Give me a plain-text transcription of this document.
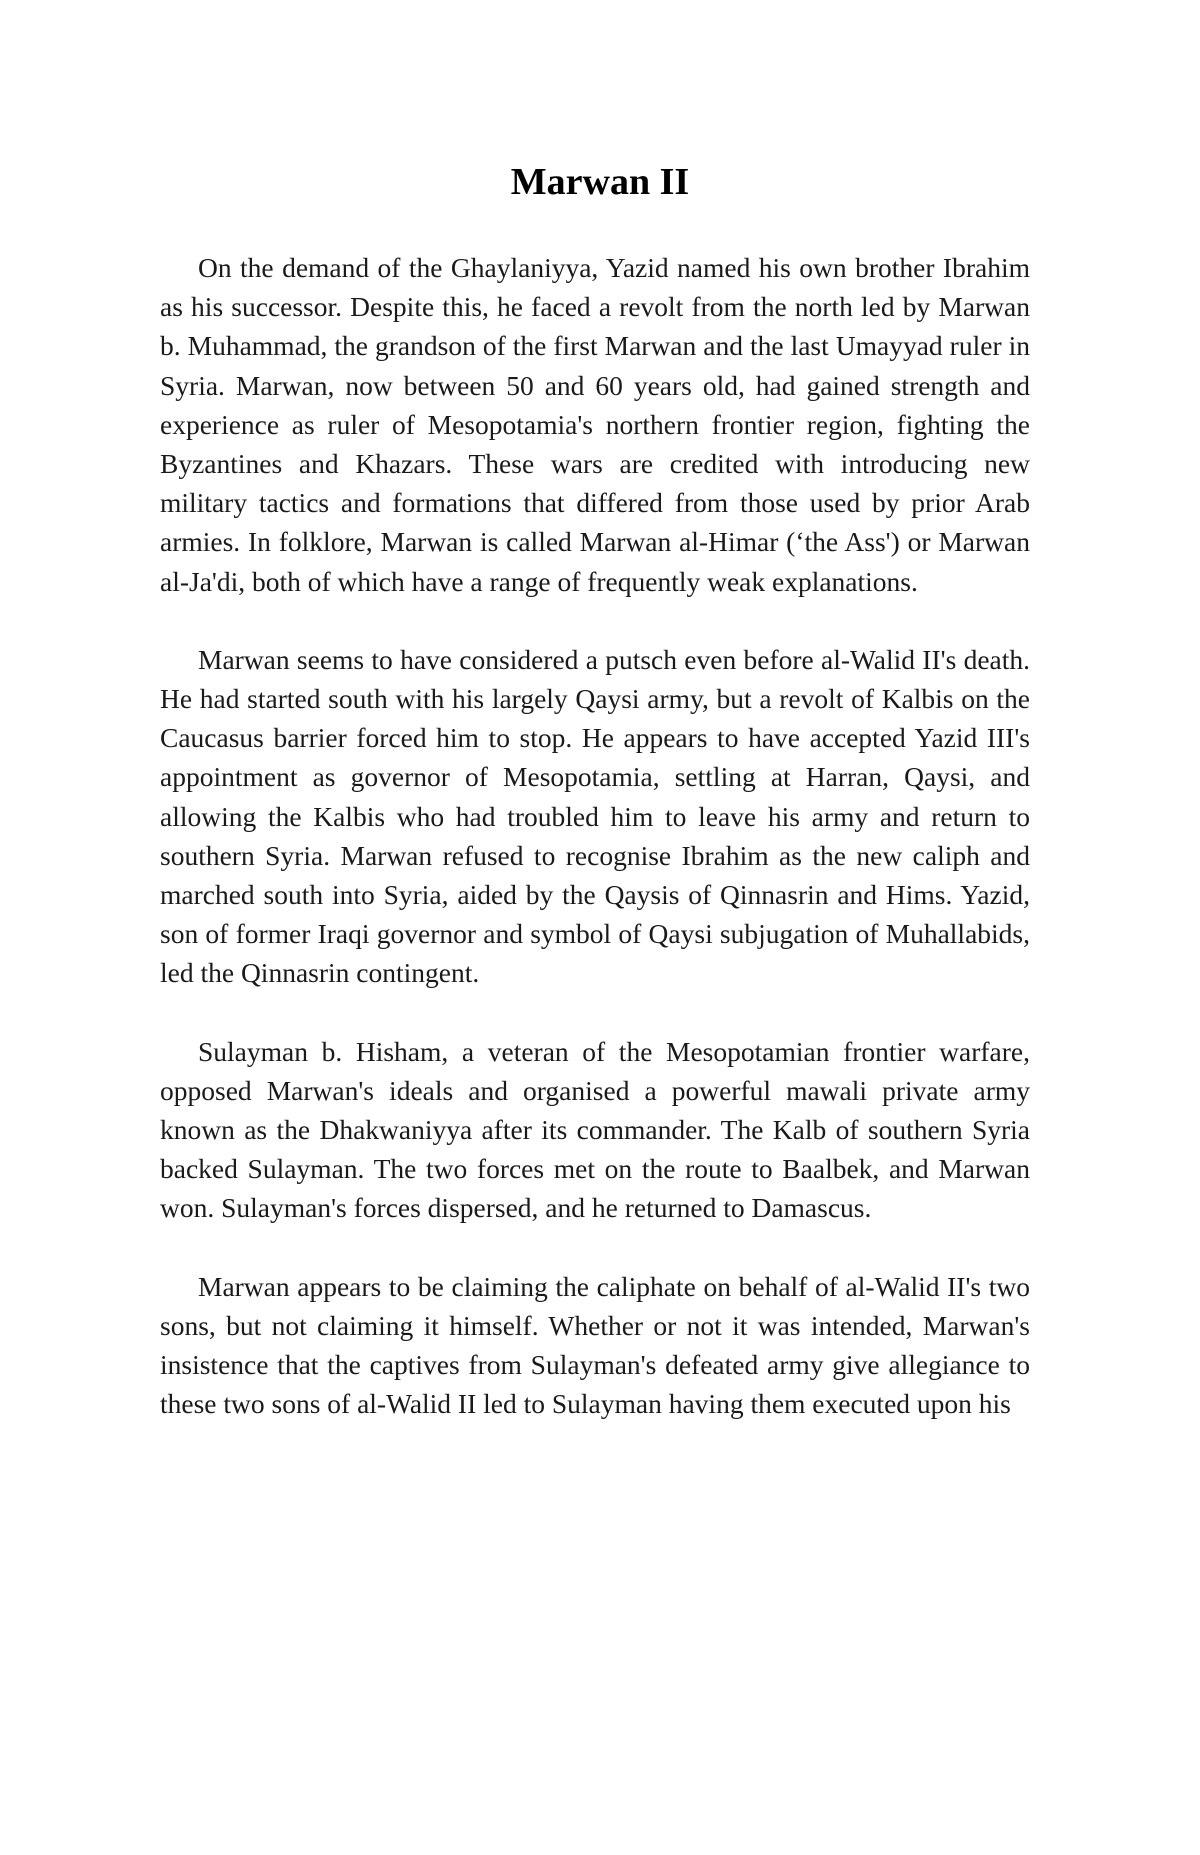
Marwan II

On the demand of the Ghaylaniyya, Yazid named his own brother Ibrahim as his successor. Despite this, he faced a revolt from the north led by Marwan b. Muhammad, the grandson of the first Marwan and the last Umayyad ruler in Syria. Marwan, now between 50 and 60 years old, had gained strength and experience as ruler of Mesopotamia's northern frontier region, fighting the Byzantines and Khazars. These wars are credited with introducing new military tactics and formations that differed from those used by prior Arab armies. In folklore, Marwan is called Marwan al-Himar (‘the Ass') or Marwan al-Ja'di, both of which have a range of frequently weak explanations.

Marwan seems to have considered a putsch even before al-Walid II's death. He had started south with his largely Qaysi army, but a revolt of Kalbis on the Caucasus barrier forced him to stop. He appears to have accepted Yazid III's appointment as governor of Mesopotamia, settling at Harran, Qaysi, and allowing the Kalbis who had troubled him to leave his army and return to southern Syria. Marwan refused to recognise Ibrahim as the new caliph and marched south into Syria, aided by the Qaysis of Qinnasrin and Hims. Yazid, son of former Iraqi governor and symbol of Qaysi subjugation of Muhallabids, led the Qinnasrin contingent.

Sulayman b. Hisham, a veteran of the Mesopotamian frontier warfare, opposed Marwan's ideals and organised a powerful mawali private army known as the Dhakwaniyya after its commander. The Kalb of southern Syria backed Sulayman. The two forces met on the route to Baalbek, and Marwan won. Sulayman's forces dispersed, and he returned to Damascus.

Marwan appears to be claiming the caliphate on behalf of al-Walid II's two sons, but not claiming it himself. Whether or not it was intended, Marwan's insistence that the captives from Sulayman's defeated army give allegiance to these two sons of al-Walid II led to Sulayman having them executed upon his
